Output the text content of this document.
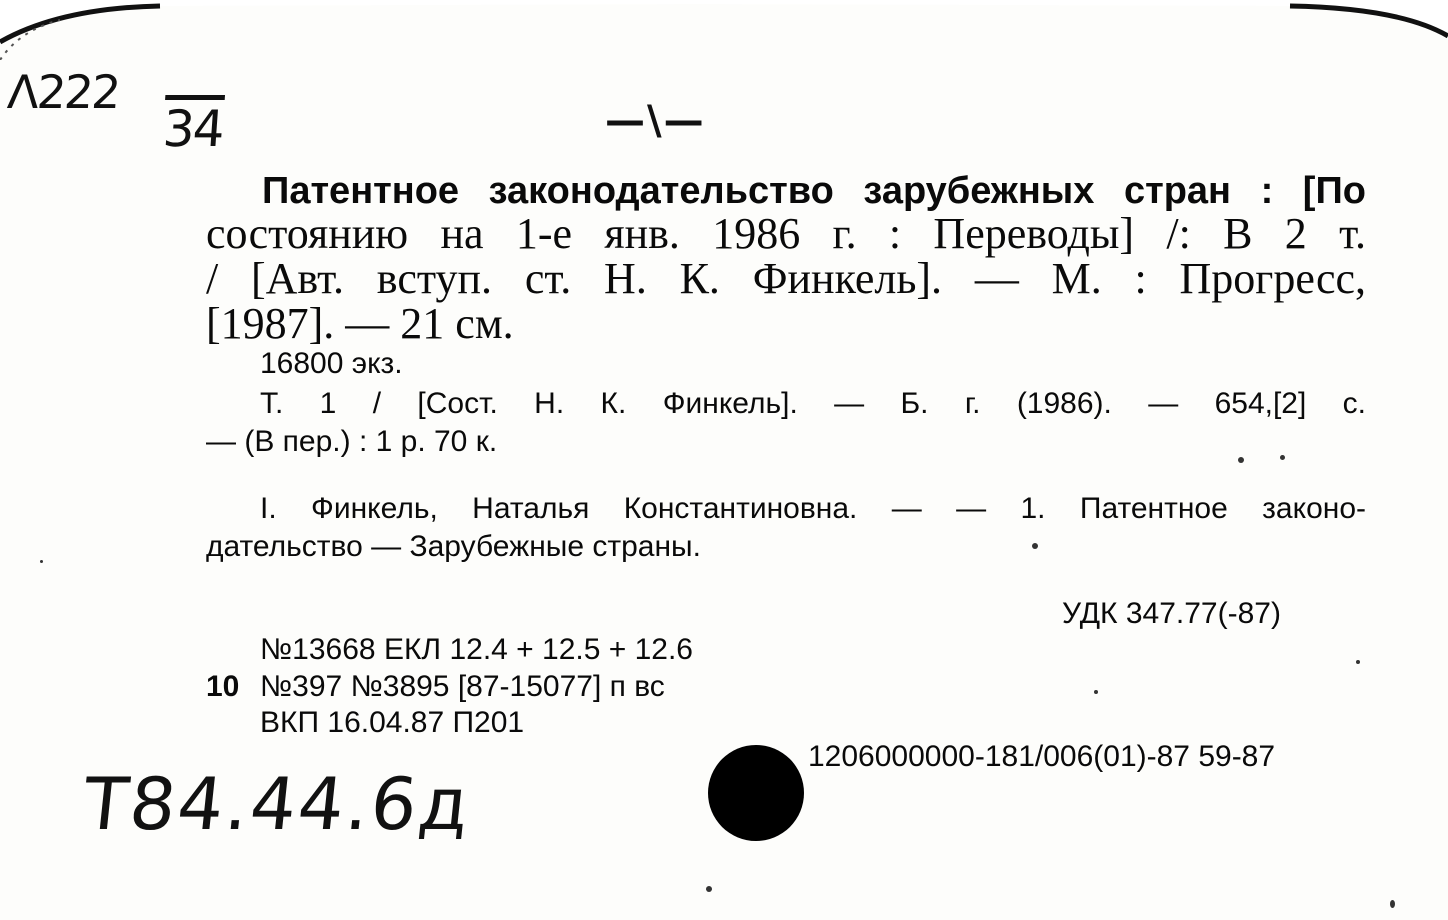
Λ222
34	—\—
Патентное законодательство зарубежных стран : [По
состоянию на 1-е янв. 1986 г. : Переводы] /: В 2 т.
/ [Авт. вступ. ст. Н. К. Финкель]. — М. : Прогресс,
[1987]. — 21 см.
16800 экз.
Т. 1 / [Сост. Н. К. Финкель]. — Б. г. (1986). — 654,[2] с.
— (В пер.) : 1 р. 70 к.
I. Финкель, Наталья Константиновна. — — 1. Патентное законо-
дательство — Зарубежные страны.
УДК 347.77(-87)
№13668 ЕКЛ 12.4 + 12.5 + 12.6
10 №397 №3895 [87-15077] п вс
ВКП 16.04.87 П201
1206000000-181/006(01)-87 59-87
Т84.44.6д
